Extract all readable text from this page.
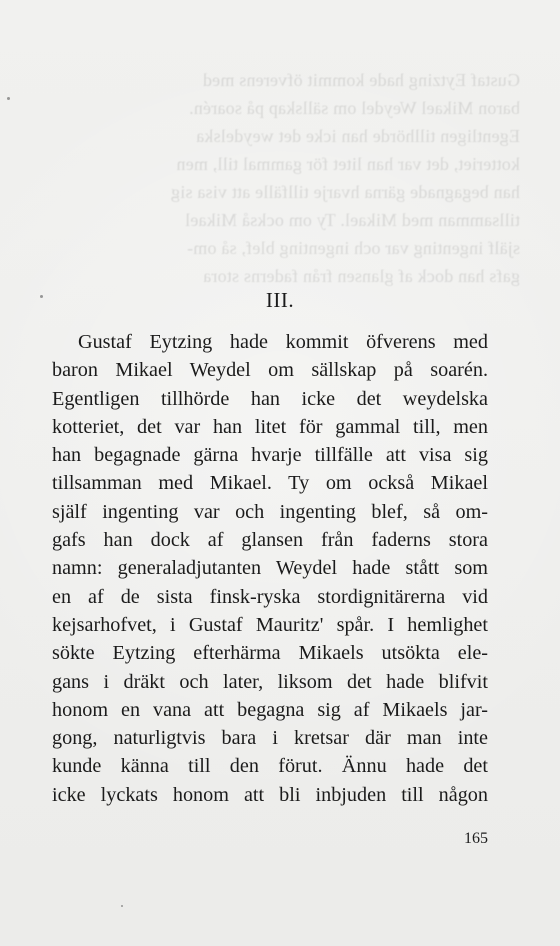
Gustaf Eytzing hade kommit öfverens med
baron Mikael Weydel om sällskap på soarén.
Egentligen tillhörde han icke det weydelska
kotteriet, det var han litet för gammal till, men
han begagnade gärna hvarje tillfälle att visa sig
tillsamman med Mikael. Ty om också Mikael
själf ingenting var och ingenting blef, så om-
gafs han dock af glansen från faderns stora
III.
Gustaf Eytzing hade kommit öfverens med
baron Mikael Weydel om sällskap på soarén.
Egentligen tillhörde han icke det weydelska
kotteriet, det var han litet för gammal till, men
han begagnade gärna hvarje tillfälle att visa sig
tillsamman med Mikael. Ty om också Mikael
själf ingenting var och ingenting blef, så om-
gafs han dock af glansen från faderns stora
namn: generaladjutanten Weydel hade stått som
en af de sista finsk-ryska stordignitärerna vid
kejsarhofvet, i Gustaf Mauritz' spår. I hemlighet
sökte Eytzing efterhärma Mikaels utsökta ele-
gans i dräkt och later, liksom det hade blifvit
honom en vana att begagna sig af Mikaels jar-
gong, naturligtvis bara i kretsar där man inte
kunde känna till den förut. Ännu hade det
icke lyckats honom att bli inbjuden till någon
165
